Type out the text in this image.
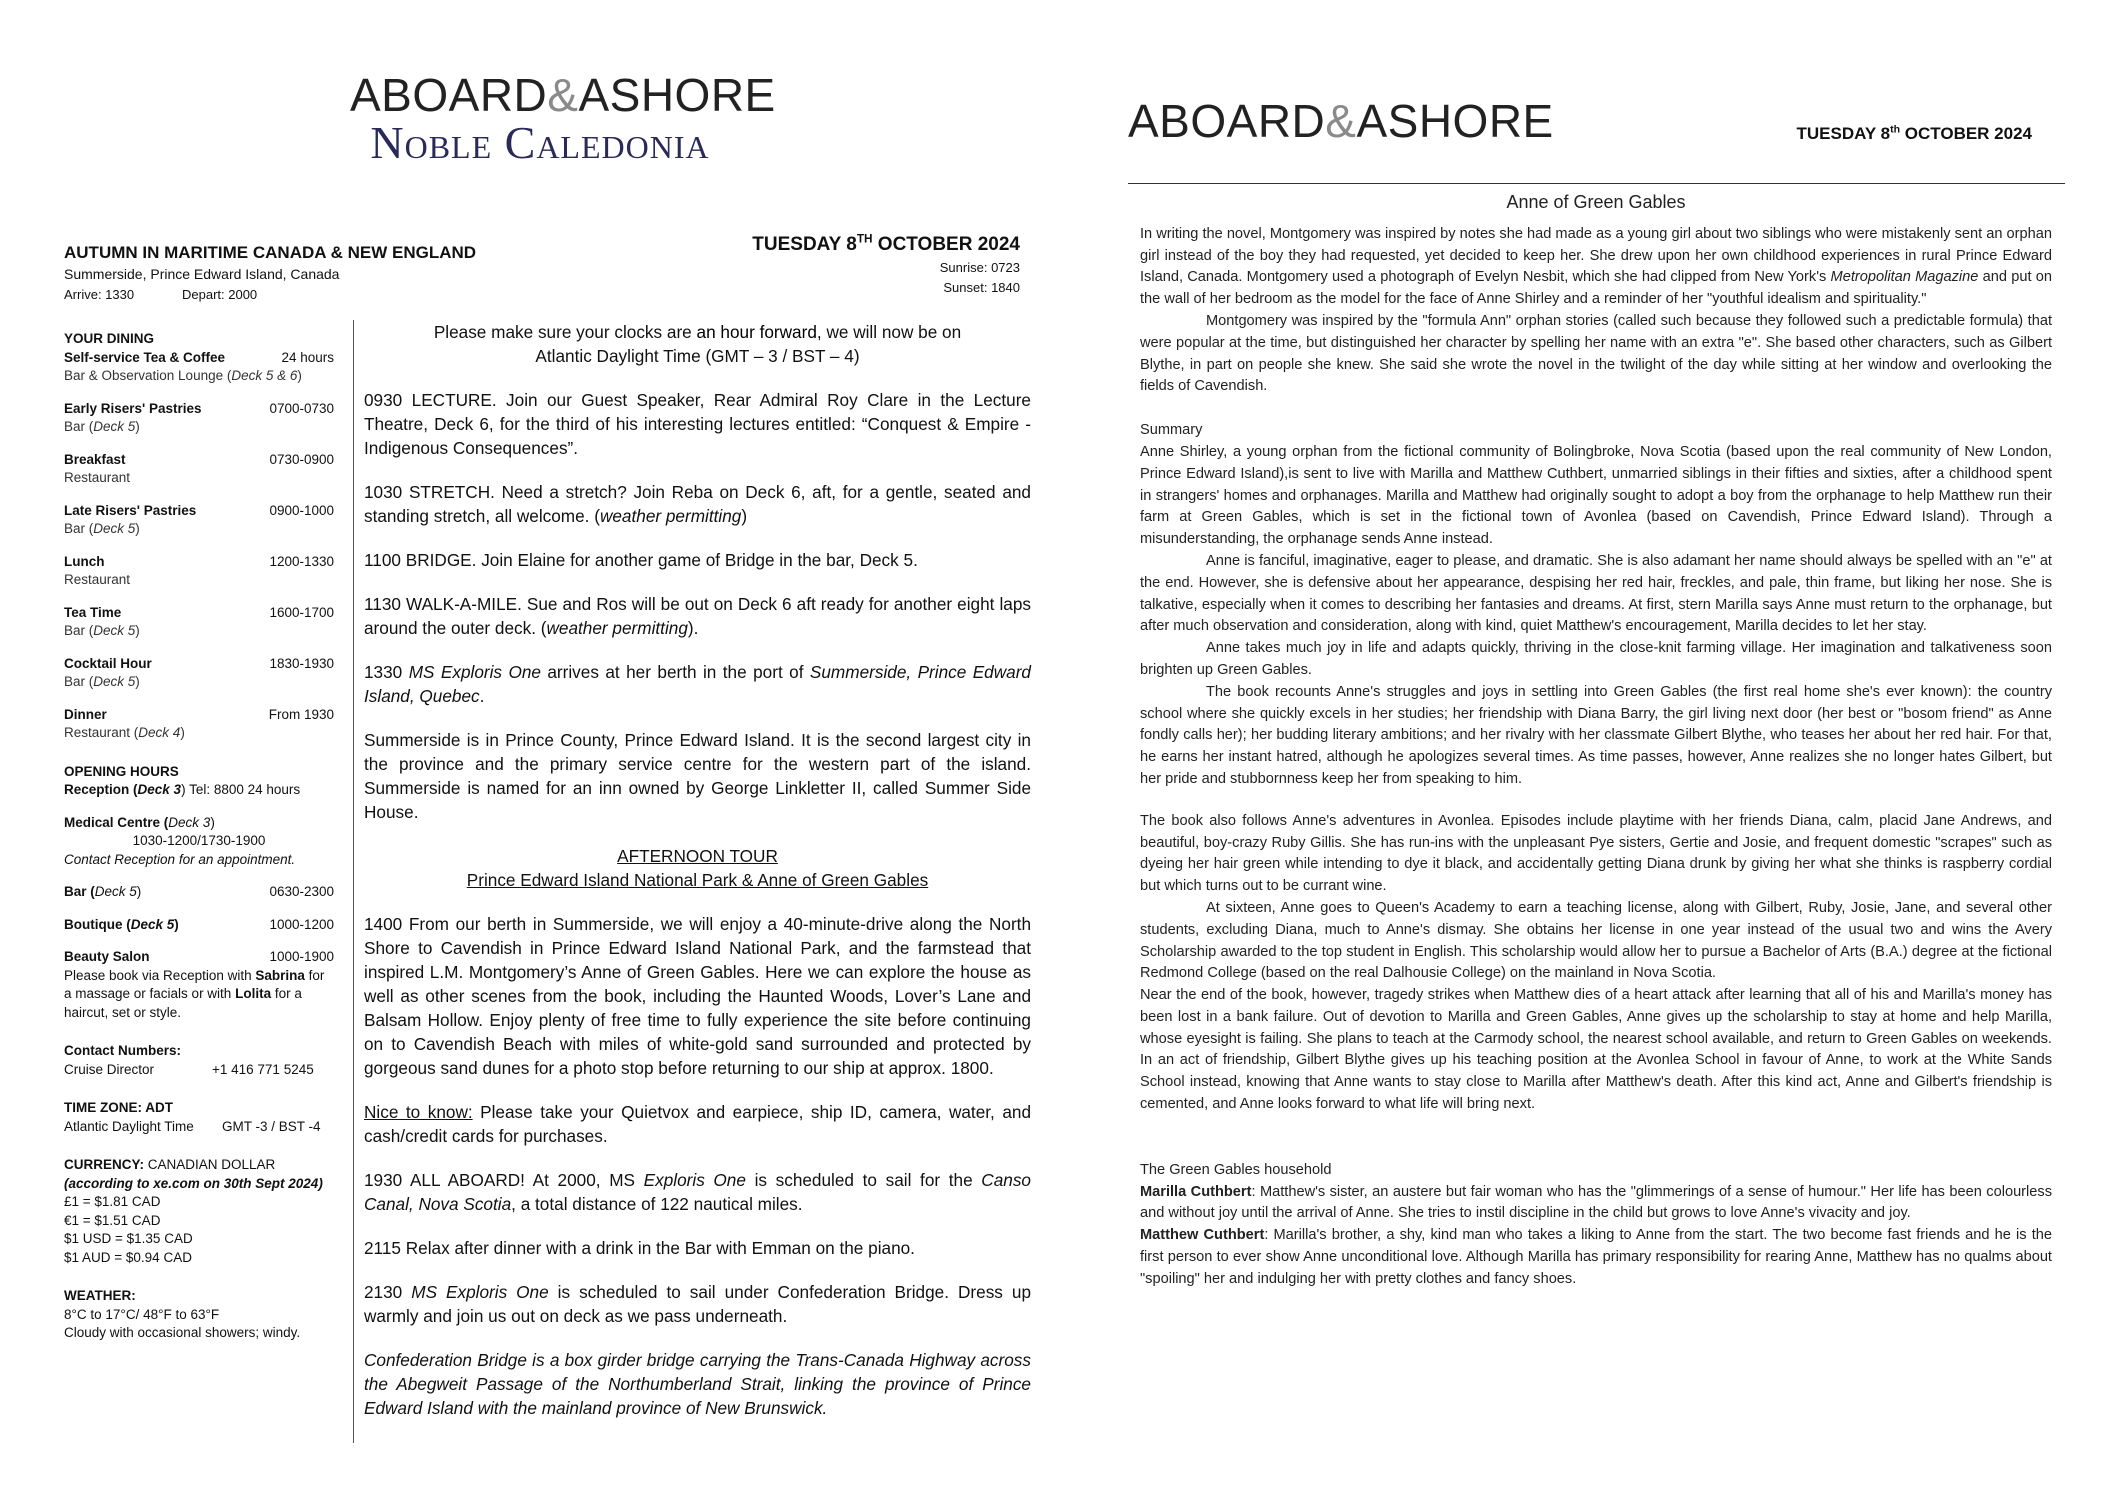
ABOARD&ASHORE
Noble Caledonia
AUTUMN IN MARITIME CANADA & NEW ENGLAND
Summerside, Prince Edward Island, Canada
Arrive: 1330	Depart: 2000
TUESDAY 8TH OCTOBER 2024
Sunrise: 0723
Sunset: 1840
YOUR DINING
Self-service Tea & Coffee	24 hours
Bar & Observation Lounge (Deck 5 & 6)
Early Risers' Pastries	0700-0730
Bar (Deck 5)
Breakfast	0730-0900
Restaurant
Late Risers' Pastries	0900-1000
Bar (Deck 5)
Lunch	1200-1330
Restaurant
Tea Time	1600-1700
Bar (Deck 5)
Cocktail Hour	1830-1930
Bar (Deck 5)
Dinner	From 1930
Restaurant (Deck 4)
OPENING HOURS
Reception (Deck 3) Tel: 8800 24 hours
Medical Centre (Deck 3)
1030-1200/1730-1900
Contact Reception for an appointment.
Bar (Deck 5)	0630-2300
Boutique (Deck 5)	1000-1200
Beauty Salon	1000-1900
Please book via Reception with Sabrina for a massage or facials or with Lolita for a haircut, set or style.
Contact Numbers:
Cruise Director	+1 416 771 5245
TIME ZONE: ADT
Atlantic Daylight Time GMT -3 / BST -4
CURRENCY: CANADIAN DOLLAR
(according to xe.com on 30th Sept 2024)
£1 = $1.81 CAD
€1 = $1.51 CAD
$1 USD = $1.35 CAD
$1 AUD = $0.94 CAD
WEATHER:
8°C to 17°C/ 48°F to 63°F
Cloudy with occasional showers; windy.

Please make sure your clocks are an hour forward, we will now be on
Atlantic Daylight Time (GMT – 3 / BST – 4)

0930 LECTURE. Join our Guest Speaker, Rear Admiral Roy Clare in the Lecture Theatre, Deck 6, for the third of his interesting lectures entitled: “Conquest & Empire - Indigenous Consequences”.

1030 STRETCH. Need a stretch? Join Reba on Deck 6, aft, for a gentle, seated and standing stretch, all welcome. (weather permitting)

1100 BRIDGE. Join Elaine for another game of Bridge in the bar, Deck 5.

1130 WALK-A-MILE. Sue and Ros will be out on Deck 6 aft ready for another eight laps around the outer deck. (weather permitting).

1330 MS Exploris One arrives at her berth in the port of Summerside, Prince Edward Island, Quebec.

Summerside is in Prince County, Prince Edward Island. It is the second largest city in the province and the primary service centre for the western part of the island. Summerside is named for an inn owned by George Linkletter II, called Summer Side House.

AFTERNOON TOUR
Prince Edward Island National Park & Anne of Green Gables

1400 From our berth in Summerside, we will enjoy a 40-minute-drive along the North Shore to Cavendish in Prince Edward Island National Park, and the farmstead that inspired L.M. Montgomery’s Anne of Green Gables. Here we can explore the house as well as other scenes from the book, including the Haunted Woods, Lover’s Lane and Balsam Hollow. Enjoy plenty of free time to fully experience the site before continuing on to Cavendish Beach with miles of white-gold sand surrounded and protected by gorgeous sand dunes for a photo stop before returning to our ship at approx. 1800.

Nice to know: Please take your Quietvox and earpiece, ship ID, camera, water, and cash/credit cards for purchases.

1930 ALL ABOARD! At 2000, MS Exploris One is scheduled to sail for the Canso Canal, Nova Scotia, a total distance of 122 nautical miles.

2115 Relax after dinner with a drink in the Bar with Emman on the piano.

2130 MS Exploris One is scheduled to sail under Confederation Bridge. Dress up warmly and join us out on deck as we pass underneath.

Confederation Bridge is a box girder bridge carrying the Trans-Canada Highway across the Abegweit Passage of the Northumberland Strait, linking the province of Prince Edward Island with the mainland province of New Brunswick.

ABOARD&ASHORE	TUESDAY 8th OCTOBER 2024
Anne of Green Gables

In writing the novel, Montgomery was inspired by notes she had made as a young girl about two siblings who were mistakenly sent an orphan girl instead of the boy they had requested, yet decided to keep her. She drew upon her own childhood experiences in rural Prince Edward Island, Canada. Montgomery used a photograph of Evelyn Nesbit, which she had clipped from New York's Metropolitan Magazine and put on the wall of her bedroom as the model for the face of Anne Shirley and a reminder of her "youthful idealism and spirituality."

Montgomery was inspired by the "formula Ann" orphan stories (called such because they followed such a predictable formula) that were popular at the time, but distinguished her character by spelling her name with an extra "e". She based other characters, such as Gilbert Blythe, in part on people she knew. She said she wrote the novel in the twilight of the day while sitting at her window and overlooking the fields of Cavendish.

Summary

Anne Shirley, a young orphan from the fictional community of Bolingbroke, Nova Scotia (based upon the real community of New London, Prince Edward Island),is sent to live with Marilla and Matthew Cuthbert, unmarried siblings in their fifties and sixties, after a childhood spent in strangers' homes and orphanages. Marilla and Matthew had originally sought to adopt a boy from the orphanage to help Matthew run their farm at Green Gables, which is set in the fictional town of Avonlea (based on Cavendish, Prince Edward Island). Through a misunderstanding, the orphanage sends Anne instead.

Anne is fanciful, imaginative, eager to please, and dramatic. She is also adamant her name should always be spelled with an "e" at the end. However, she is defensive about her appearance, despising her red hair, freckles, and pale, thin frame, but liking her nose. She is talkative, especially when it comes to describing her fantasies and dreams. At first, stern Marilla says Anne must return to the orphanage, but after much observation and consideration, along with kind, quiet Matthew's encouragement, Marilla decides to let her stay.

Anne takes much joy in life and adapts quickly, thriving in the close-knit farming village. Her imagination and talkativeness soon brighten up Green Gables.

The book recounts Anne's struggles and joys in settling into Green Gables (the first real home she's ever known): the country school where she quickly excels in her studies; her friendship with Diana Barry, the girl living next door (her best or "bosom friend" as Anne fondly calls her); her budding literary ambitions; and her rivalry with her classmate Gilbert Blythe, who teases her about her red hair. For that, he earns her instant hatred, although he apologizes several times. As time passes, however, Anne realizes she no longer hates Gilbert, but her pride and stubbornness keep her from speaking to him.

The book also follows Anne's adventures in Avonlea. Episodes include playtime with her friends Diana, calm, placid Jane Andrews, and beautiful, boy-crazy Ruby Gillis. She has run-ins with the unpleasant Pye sisters, Gertie and Josie, and frequent domestic "scrapes" such as dyeing her hair green while intending to dye it black, and accidentally getting Diana drunk by giving her what she thinks is raspberry cordial but which turns out to be currant wine.

At sixteen, Anne goes to Queen's Academy to earn a teaching license, along with Gilbert, Ruby, Josie, Jane, and several other students, excluding Diana, much to Anne's dismay. She obtains her license in one year instead of the usual two and wins the Avery Scholarship awarded to the top student in English. This scholarship would allow her to pursue a Bachelor of Arts (B.A.) degree at the fictional Redmond College (based on the real Dalhousie College) on the mainland in Nova Scotia.

Near the end of the book, however, tragedy strikes when Matthew dies of a heart attack after learning that all of his and Marilla's money has been lost in a bank failure. Out of devotion to Marilla and Green Gables, Anne gives up the scholarship to stay at home and help Marilla, whose eyesight is failing. She plans to teach at the Carmody school, the nearest school available, and return to Green Gables on weekends. In an act of friendship, Gilbert Blythe gives up his teaching position at the Avonlea School in favour of Anne, to work at the White Sands School instead, knowing that Anne wants to stay close to Marilla after Matthew's death. After this kind act, Anne and Gilbert's friendship is cemented, and Anne looks forward to what life will bring next.

The Green Gables household

Marilla Cuthbert: Matthew's sister, an austere but fair woman who has the "glimmerings of a sense of humour." Her life has been colourless and without joy until the arrival of Anne. She tries to instil discipline in the child but grows to love Anne's vivacity and joy.

Matthew Cuthbert: Marilla's brother, a shy, kind man who takes a liking to Anne from the start. The two become fast friends and he is the first person to ever show Anne unconditional love. Although Marilla has primary responsibility for rearing Anne, Matthew has no qualms about "spoiling" her and indulging her with pretty clothes and fancy shoes.
